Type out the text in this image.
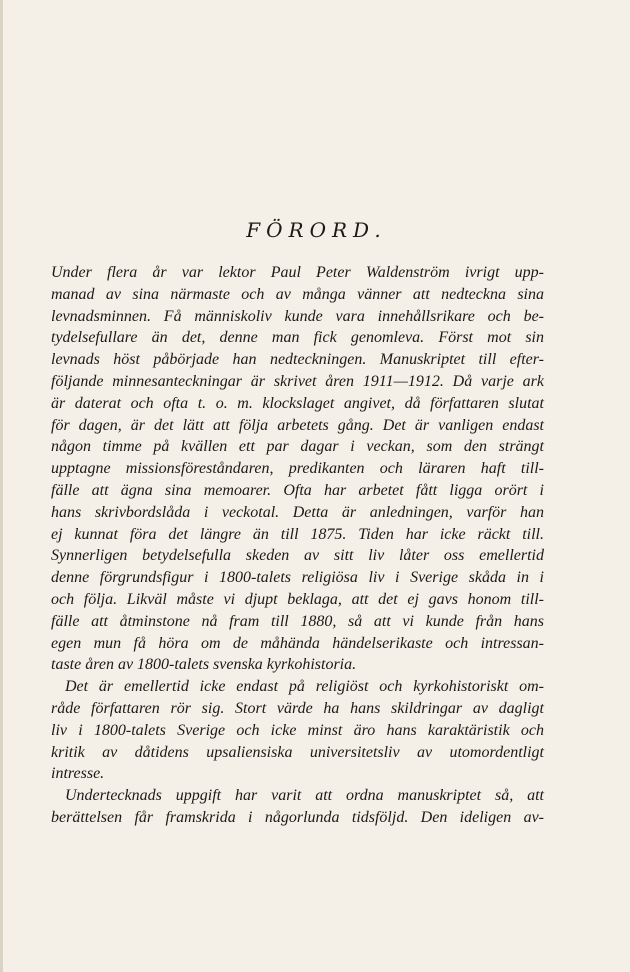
FÖRORD.

Under flera år var lektor Paul Peter Waldenström ivrigt upp-
manad av sina närmaste och av många vänner att nedteckna sina
levnadsminnen. Få människoliv kunde vara innehållsrikare och be-
tydelsefullare än det, denne man fick genomleva. Först mot sin
levnads höst påbörjade han nedteckningen. Manuskriptet till efter-
följande minnesanteckningar är skrivet åren 1911—1912. Då varje ark
är daterat och ofta t. o. m. klockslaget angivet, då författaren slutat
för dagen, är det lätt att följa arbetets gång. Det är vanligen endast
någon timme på kvällen ett par dagar i veckan, som den strängt
upptagne missionsföreståndaren, predikanten och läraren haft till-
fälle att ägna sina memoarer. Ofta har arbetet fått ligga orört i
hans skrivbordslåda i veckotal. Detta är anledningen, varför han
ej kunnat föra det längre än till 1875. Tiden har icke räckt till.
Synnerligen betydelsefulla skeden av sitt liv låter oss emellertid
denne förgrundsfigur i 1800-talets religiösa liv i Sverige skåda in i
och följa. Likväl måste vi djupt beklaga, att det ej gavs honom till-
fälle att åtminstone nå fram till 1880, så att vi kunde från hans
egen mun få höra om de måhända händelserikaste och intressan-
taste åren av 1800-talets svenska kyrkohistoria.

Det är emellertid icke endast på religiöst och kyrkohistoriskt om-
råde författaren rör sig. Stort värde ha hans skildringar av dagligt
liv i 1800-talets Sverige och icke minst äro hans karaktäristik och
kritik av dåtidens upsaliensiska universitetsliv av utomordentligt
intresse.

Undertecknads uppgift har varit att ordna manuskriptet så, att
berättelsen får framskrida i någorlunda tidsföljd. Den ideligen av-
